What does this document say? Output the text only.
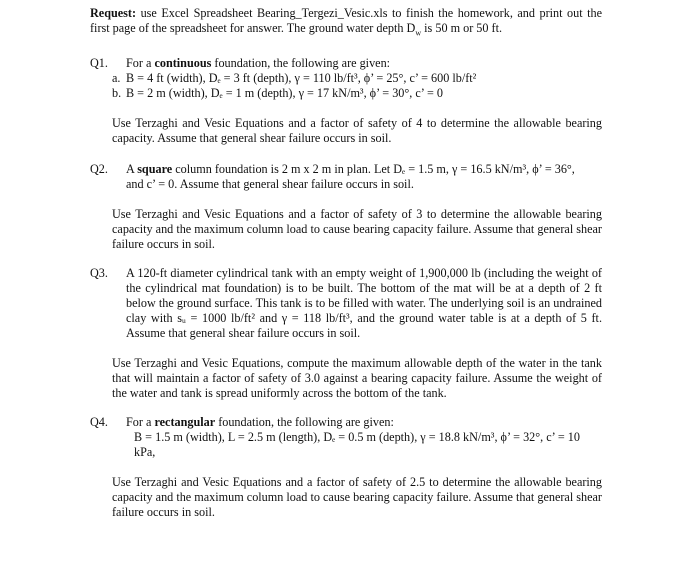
Request: use Excel Spreadsheet Bearing_Tergezi_Vesic.xls to finish the homework, and print out the first page of the spreadsheet for answer. The ground water depth $D_w$ is 50 m or 50 ft.

Q1.	For a continuous foundation, the following are given:
a. B = 4 ft (width), Dₑ = 3 ft (depth), γ = 110 lb/ft³, ϕ’ = 25°, c’ = 600 lb/ft²
b. B = 2 m (width), Dₑ = 1 m (depth), γ = 17 kN/m³, ϕ’ = 30°, c’ = 0

Use Terzaghi and Vesic Equations and a factor of safety of 4 to determine the allowable bearing capacity. Assume that general shear failure occurs in soil.

Q2.	A square column foundation is 2 m x 2 m in plan. Let Dₑ = 1.5 m, γ = 16.5 kN/m³, ϕ’ = 36°,
and c’ = 0. Assume that general shear failure occurs in soil.

Use Terzaghi and Vesic Equations and a factor of safety of 3 to determine the allowable bearing capacity and the maximum column load to cause bearing capacity failure. Assume that general shear failure occurs in soil.

Q3.	A 120-ft diameter cylindrical tank with an empty weight of 1,900,000 lb (including the weight of the cylindrical mat foundation) is to be built. The bottom of the mat will be at a depth of 2 ft below the ground surface. This tank is to be filled with water. The underlying soil is an undrained clay with sᵤ = 1000 lb/ft² and γ = 118 lb/ft³, and the ground water table is at a depth of 5 ft. Assume that general shear failure occurs in soil.

Use Terzaghi and Vesic Equations, compute the maximum allowable depth of the water in the tank that will maintain a factor of safety of 3.0 against a bearing capacity failure. Assume the weight of the water and tank is spread uniformly across the bottom of the tank.

Q4.	For a rectangular foundation, the following are given:
B = 1.5 m (width), L = 2.5 m (length), Dₑ = 0.5 m (depth), γ = 18.8 kN/m³, ϕ’ = 32°, c’ = 10 kPa,

Use Terzaghi and Vesic Equations and a factor of safety of 2.5 to determine the allowable bearing capacity and the maximum column load to cause bearing capacity failure. Assume that general shear failure occurs in soil.
